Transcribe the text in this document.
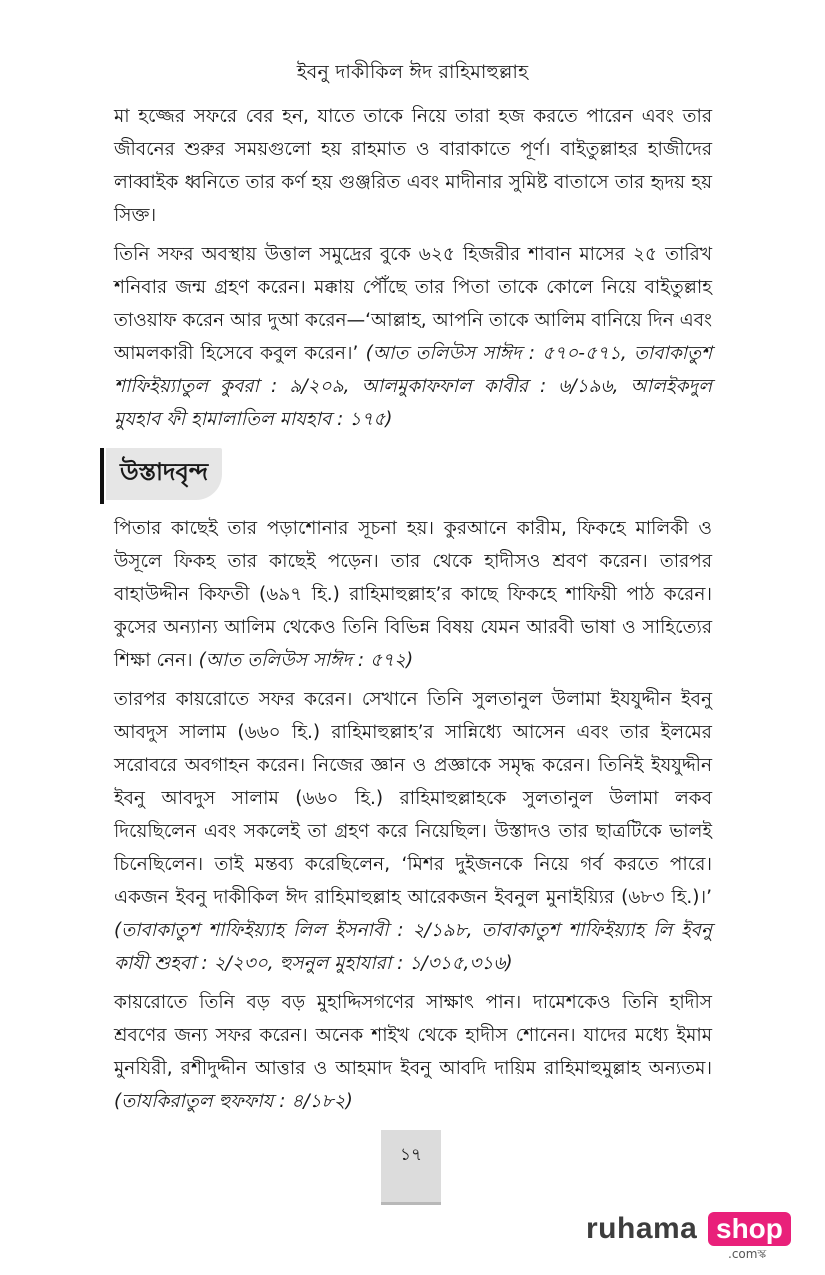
ইবনু দাকীকিল ঈদ রাহিমাহুল্লাহ

মা হজ্জের সফরে বের হন, যাতে তাকে নিয়ে তারা হজ করতে পারেন এবং তার জীবনের শুরুর সময়গুলো হয় রাহমাত ও বারাকাতে পূর্ণ। বাইতুল্লাহর হাজীদের লাব্বাইক ধ্বনিতে তার কর্ণ হয় গুঞ্জরিত এবং মাদীনার সুমিষ্ট বাতাসে তার হৃদয় হয় সিক্ত।

তিনি সফর অবস্থায় উত্তাল সমুদ্রের বুকে ৬২৫ হিজরীর শাবান মাসের ২৫ তারিখ শনিবার জন্ম গ্রহণ করেন। মক্কায় পৌঁছে তার পিতা তাকে কোলে নিয়ে বাইতুল্লাহ তাওয়াফ করেন আর দুআ করেন—‘আল্লাহ, আপনি তাকে আলিম বানিয়ে দিন এবং আমলকারী হিসেবে কবুল করেন।’ (আত তলিউস সাঈদ : ৫৭০-৫৭১, তাবাকাতুশ শাফিইয়্যাতুল কুবরা : ৯/২০৯, আলমুকাফফাল কাবীর : ৬/১৯৬, আলইকদুল মুযহাব ফী হামালাতিল মাযহাব : ১৭৫)

উস্তাদবৃন্দ

পিতার কাছেই তার পড়াশোনার সূচনা হয়। কুরআনে কারীম, ফিকহে মালিকী ও উসূলে ফিকহ তার কাছেই পড়েন। তার থেকে হাদীসও শ্রবণ করেন। তারপর বাহাউদ্দীন কিফতী (৬৯৭ হি.) রাহিমাহুল্লাহ’র কাছে ফিকহে শাফিয়ী পাঠ করেন। কুসের অন্যান্য আলিম থেকেও তিনি বিভিন্ন বিষয় যেমন আরবী ভাষা ও সাহিত্যের শিক্ষা নেন। (আত তলিউস সাঈদ : ৫৭২)

তারপর কায়রোতে সফর করেন। সেখানে তিনি সুলতানুল উলামা ইযযুদ্দীন ইবনু আবদুস সালাম (৬৬০ হি.) রাহিমাহুল্লাহ’র সান্নিধ্যে আসেন এবং তার ইলমের সরোবরে অবগাহন করেন। নিজের জ্ঞান ও প্রজ্ঞাকে সমৃদ্ধ করেন। তিনিই ইযযুদ্দীন ইবনু আবদুস সালাম (৬৬০ হি.) রাহিমাহুল্লাহকে সুলতানুল উলামা লকব দিয়েছিলেন এবং সকলেই তা গ্রহণ করে নিয়েছিল। উস্তাদও তার ছাত্রটিকে ভালই চিনেছিলেন। তাই মন্তব্য করেছিলেন, ‘মিশর দুইজনকে নিয়ে গর্ব করতে পারে। একজন ইবনু দাকীকিল ঈদ রাহিমাহুল্লাহ আরেকজন ইবনুল মুনাইয়্যির (৬৮৩ হি.)।’ (তাবাকাতুশ শাফিইয়্যাহ লিল ইসনাবী : ২/১৯৮, তাবাকাতুশ শাফিইয়্যাহ লি ইবনু কাযী শুহবা : ২/২৩০, হুসনুল মুহাযারা : ১/৩১৫,৩১৬)

কায়রোতে তিনি বড় বড় মুহাদ্দিসগণের সাক্ষাৎ পান। দামেশকেও তিনি হাদীস শ্রবণের জন্য সফর করেন। অনেক শাইখ থেকে হাদীস শোনেন। যাদের মধ্যে ইমাম মুনযিরী, রশীদুদ্দীন আত্তার ও আহমাদ ইবনু আবদি দায়িম রাহিমাহুমুল্লাহ অন্যতম। (তাযকিরাতুল হুফফায : ৪/১৮২)

১৭
ruhama shop
.comস্ক
